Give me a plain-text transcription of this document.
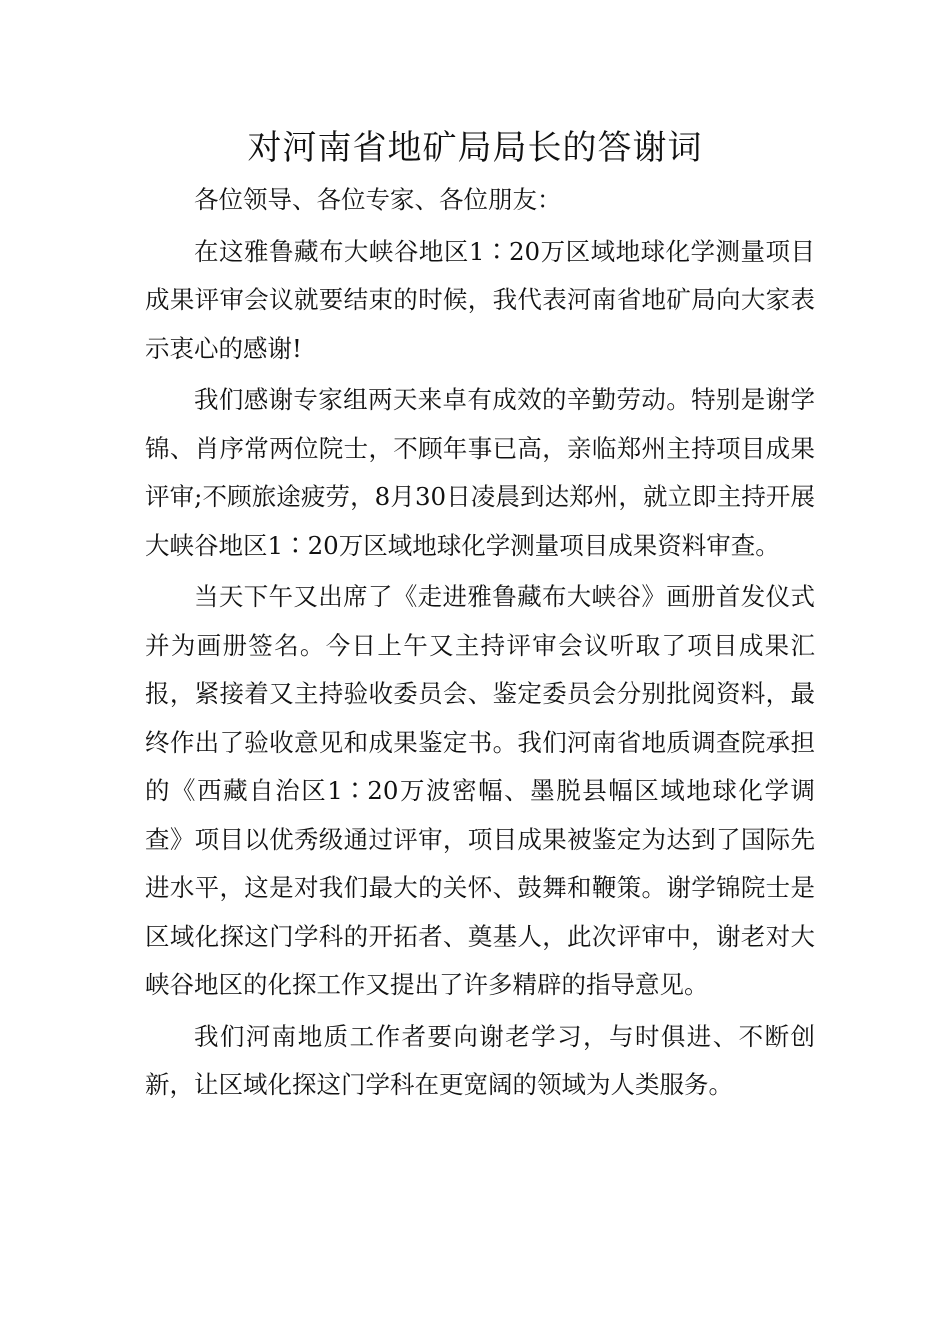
对河南省地矿局局长的答谢词

各位领导、各位专家、各位朋友：

在这雅鲁藏布大峡谷地区1∶20万区域地球化学测量项目成果评审会议就要结束的时候，我代表河南省地矿局向大家表示衷心的感谢!

我们感谢专家组两天来卓有成效的辛勤劳动。特别是谢学锦、肖序常两位院士，不顾年事已高，亲临郑州主持项目成果评审;不顾旅途疲劳，8月30日凌晨到达郑州，就立即主持开展大峡谷地区1∶20万区域地球化学测量项目成果资料审查。

当天下午又出席了《走进雅鲁藏布大峡谷》画册首发仪式并为画册签名。今日上午又主持评审会议听取了项目成果汇报，紧接着又主持验收委员会、鉴定委员会分别批阅资料，最终作出了验收意见和成果鉴定书。我们河南省地质调查院承担的《西藏自治区1∶20万波密幅、墨脱县幅区域地球化学调查》项目以优秀级通过评审，项目成果被鉴定为达到了国际先进水平，这是对我们最大的关怀、鼓舞和鞭策。谢学锦院士是区域化探这门学科的开拓者、奠基人，此次评审中，谢老对大峡谷地区的化探工作又提出了许多精辟的指导意见。

我们河南地质工作者要向谢老学习，与时俱进、不断创新，让区域化探这门学科在更宽阔的领域为人类服务。
